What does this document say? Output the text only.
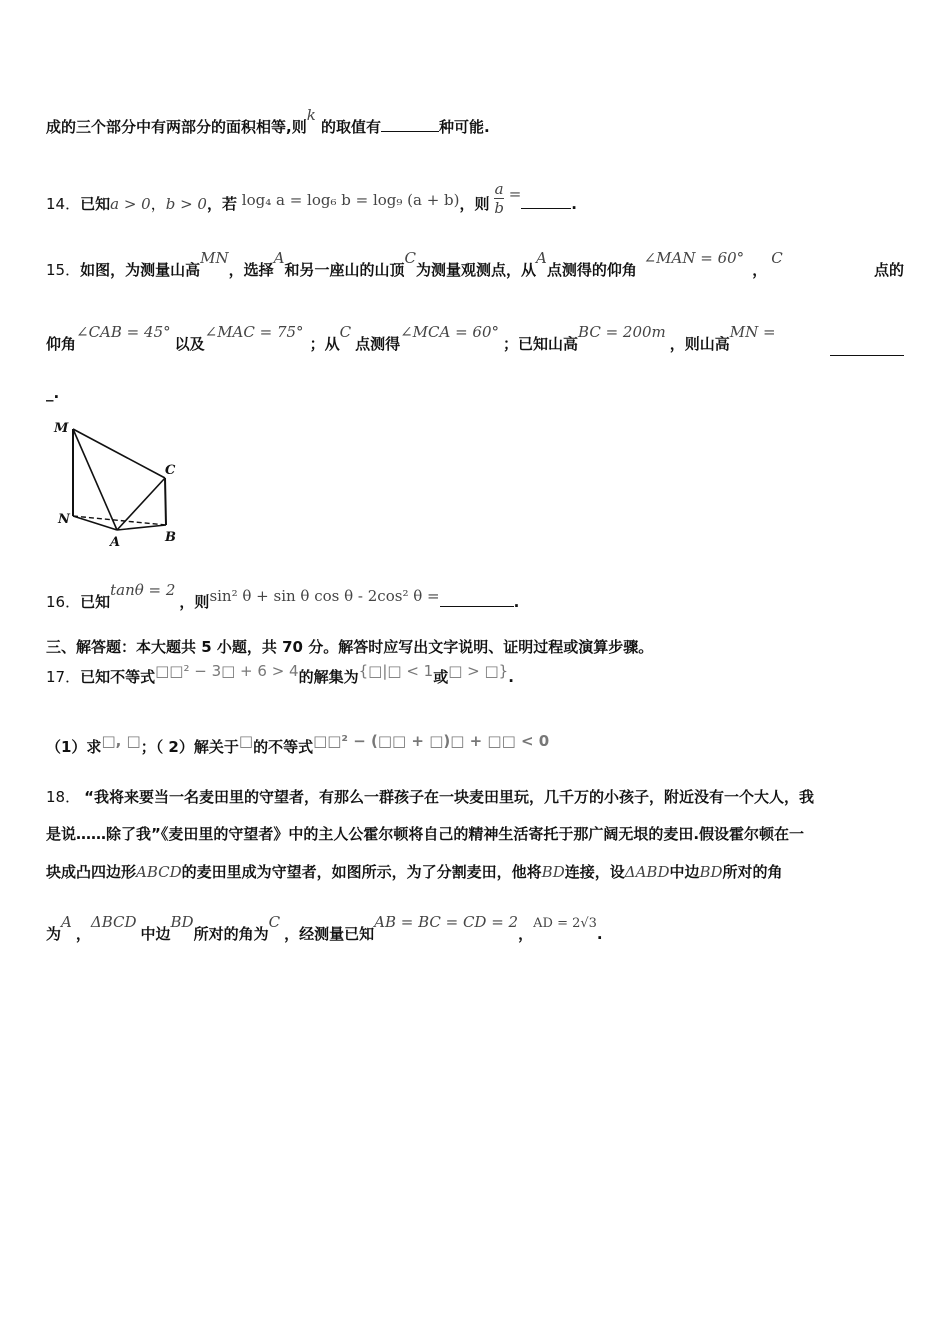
成的三个部分中有两部分的面积相等,则k 的取值有	种可能.
14．已知a > 0，b > 0，若 log₄ a = log₆ b = log₉ (a + b)，则 $\frac{a}{b}$ =.
15．如图，为测量山高MN，选择A和另一座山的山顶C为测量观测点，从A点测得的仰角 ∠MAN = 60°，C
点的
仰角∠CAB = 45°以及∠MAC = 75°；从C点测得∠MCA = 60°；已知山高BC = 200m，则山高MN =
_.
M
C
N
A	B
16．已知tanθ = 2，则sin² θ + sin θ cos θ - 2cos² θ =	.
三、解答题：本大题共 5 小题，共 70 分。解答时应写出文字说明、证明过程或演算步骤。
17．已知不等式□□² − 3□ + 6 > 4的解集为{□|□ < 1或□ > □}.
（1）求□, □；（ 2）解关于□的不等式□□² − (□□ + □)□ + □□ < 0
18． “我将来要当一名麦田里的守望者，有那么一群孩子在一块麦田里玩，几千万的小孩子，附近没有一个大人，我
是说……除了我”《麦田里的守望者》中的主人公霍尔顿将自己的精神生活寄托于那广阔无垠的麦田.假设霍尔顿在一
块成凸四边形ABCD的麦田里成为守望者，如图所示，为了分割麦田，他将BD连接，设ΔABD中边BD所对的角
为A，ΔBCD中边BD所对的角为C，经测量已知AB = BC = CD = 2，AD = 2√3.
